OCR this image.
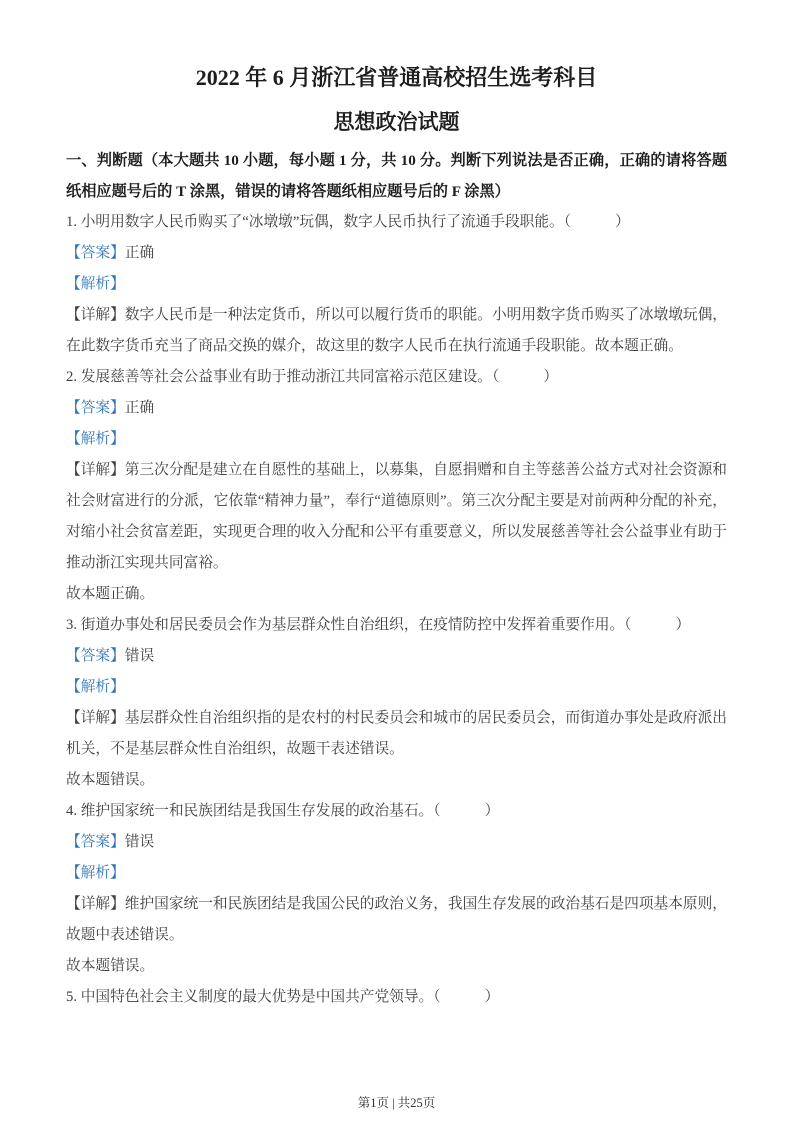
2022 年 6 月浙江省普通高校招生选考科目
思想政治试题

一、判断题（本大题共 10 小题，每小题 1 分，共 10 分。判断下列说法是否正确，正确的请将答题纸相应题号后的 T 涂黑，错误的请将答题纸相应题号后的 F 涂黑）

1. 小明用数字人民币购买了“冰墩墩”玩偶，数字人民币执行了流通手段职能。（　　　）

【答案】正确

【解析】

【详解】数字人民币是一种法定货币，所以可以履行货币的职能。小明用数字货币购买了冰墩墩玩偶，在此数字货币充当了商品交换的媒介，故这里的数字人民币在执行流通手段职能。故本题正确。

2. 发展慈善等社会公益事业有助于推动浙江共同富裕示范区建设。（　　　）

【答案】正确

【解析】

【详解】第三次分配是建立在自愿性的基础上，以募集，自愿捐赠和自主等慈善公益方式对社会资源和社会财富进行的分派，它依靠“精神力量”，奉行“道德原则”。第三次分配主要是对前两种分配的补充，对缩小社会贫富差距，实现更合理的收入分配和公平有重要意义，所以发展慈善等社会公益事业有助于推动浙江实现共同富裕。

故本题正确。

3. 街道办事处和居民委员会作为基层群众性自治组织，在疫情防控中发挥着重要作用。（　　　）

【答案】错误

【解析】

【详解】基层群众性自治组织指的是农村的村民委员会和城市的居民委员会，而街道办事处是政府派出机关，不是基层群众性自治组织，故题干表述错误。

故本题错误。

4. 维护国家统一和民族团结是我国生存发展的政治基石。（　　　）

【答案】错误

【解析】

【详解】维护国家统一和民族团结是我国公民的政治义务，我国生存发展的政治基石是四项基本原则，故题中表述错误。

故本题错误。

5. 中国特色社会主义制度的最大优势是中国共产党领导。（　　　）

第1页 | 共25页
